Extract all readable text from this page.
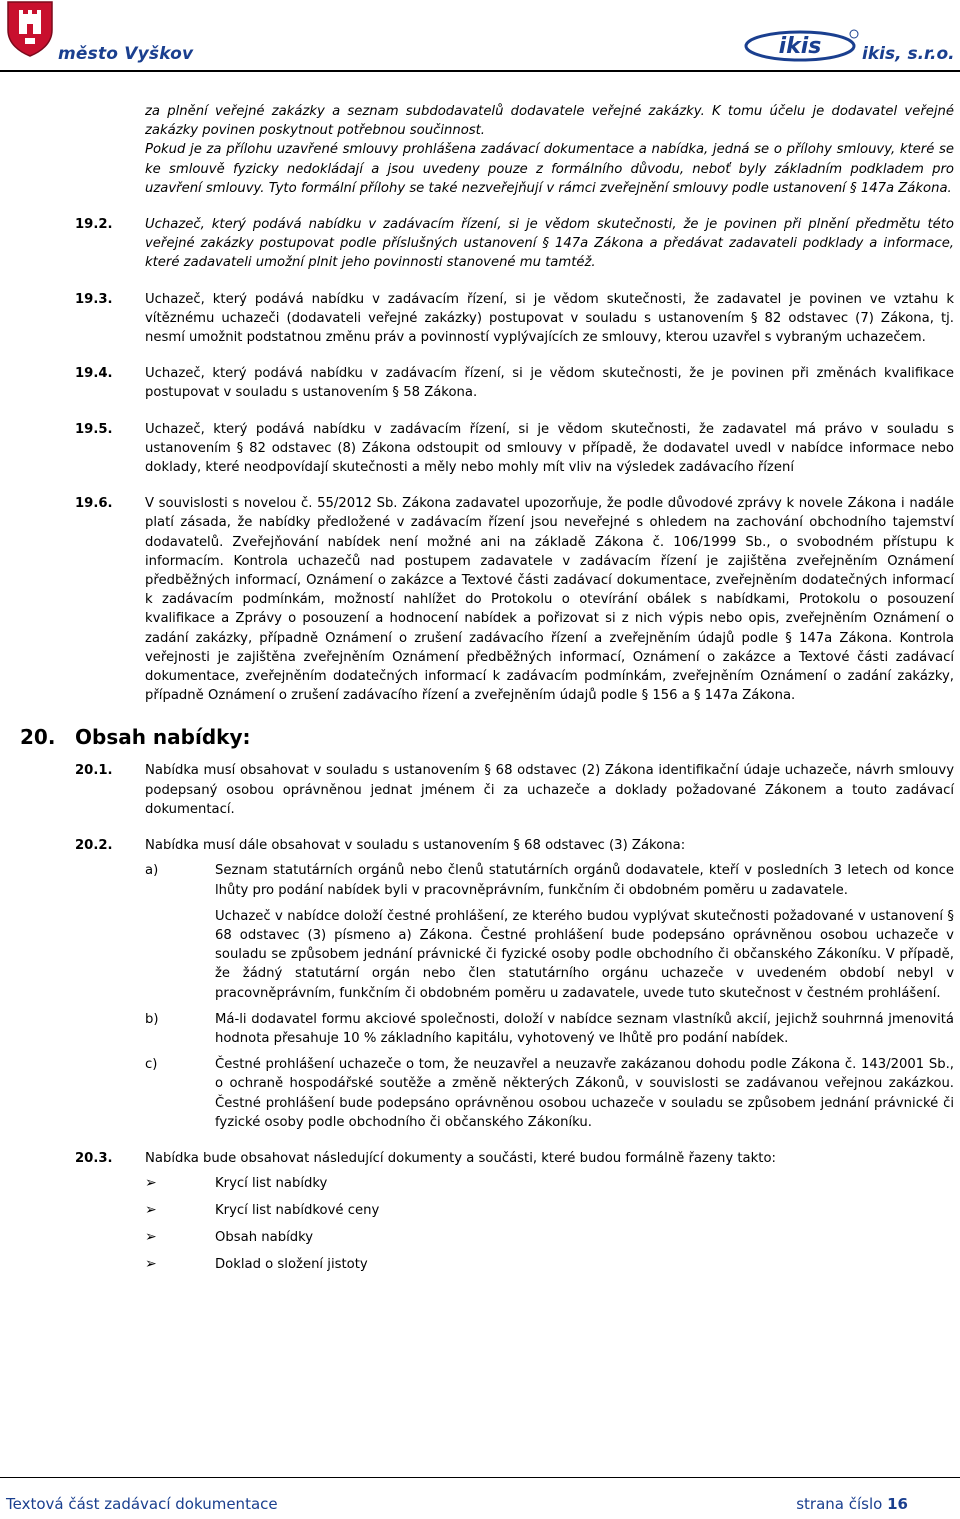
město Vyškov	ikis ikis, s.r.o.

za plnění veřejné zakázky a seznam subdodavatelů dodavatele veřejné zakázky. K tomu účelu je dodavatel veřejné zakázky povinen poskytnout potřebnou součinnost.

Pokud je za přílohu uzavřené smlouvy prohlášena zadávací dokumentace a nabídka, jedná se o přílohy smlouvy, které se ke smlouvě fyzicky nedokládají a jsou uvedeny pouze z formálního důvodu, neboť byly základním podkladem pro uzavření smlouvy. Tyto formální přílohy se také nezveřejňují v rámci zveřejnění smlouvy podle ustanovení § 147a Zákona.

19.2. Uchazeč, který podává nabídku v zadávacím řízení, si je vědom skutečnosti, že je povinen při plnění předmětu této veřejné zakázky postupovat podle příslušných ustanovení § 147a Zákona a předávat zadavateli podklady a informace, které zadavateli umožní plnit jeho povinnosti stanovené mu tamtéž.
19.3. Uchazeč, který podává nabídku v zadávacím řízení, si je vědom skutečnosti, že zadavatel je povinen ve vztahu k vítěznému uchazeči (dodavateli veřejné zakázky) postupovat v souladu s ustanovením § 82 odstavec (7) Zákona, tj. nesmí umožnit podstatnou změnu práv a povinností vyplývajících ze smlouvy, kterou uzavřel s vybraným uchazečem.
19.4. Uchazeč, který podává nabídku v zadávacím řízení, si je vědom skutečnosti, že je povinen při změnách kvalifikace postupovat v souladu s ustanovením § 58 Zákona.
19.5. Uchazeč, který podává nabídku v zadávacím řízení, si je vědom skutečnosti, že zadavatel má právo v souladu s ustanovením § 82 odstavec (8) Zákona odstoupit od smlouvy v případě, že dodavatel uvedl v nabídce informace nebo doklady, které neodpovídají skutečnosti a měly nebo mohly mít vliv na výsledek zadávacího řízení
19.6. V souvislosti s novelou č. 55/2012 Sb. Zákona zadavatel upozorňuje, že podle důvodové zprávy k novele Zákona i nadále platí zásada, že nabídky předložené v zadávacím řízení jsou neveřejné s ohledem na zachování obchodního tajemství dodavatelů. Zveřejňování nabídek není možné ani na základě Zákona č. 106/1999 Sb., o svobodném přístupu k informacím. Kontrola uchazečů nad postupem zadavatele v zadávacím řízení je zajištěna zveřejněním Oznámení předběžných informací, Oznámení o zakázce a Textové části zadávací dokumentace, zveřejněním dodatečných informací k zadávacím podmínkám, možností nahlížet do Protokolu o otevírání obálek s nabídkami, Protokolu o posouzení kvalifikace a Zprávy o posouzení a hodnocení nabídek a pořizovat si z nich výpis nebo opis, zveřejněním Oznámení o zadání zakázky, případně Oznámení o zrušení zadávacího řízení a zveřejněním údajů podle § 147a Zákona. Kontrola veřejnosti je zajištěna zveřejněním Oznámení předběžných informací, Oznámení o zakázce a Textové části zadávací dokumentace, zveřejněním dodatečných informací k zadávacím podmínkám, zveřejněním Oznámení o zadání zakázky, případně Oznámení o zrušení zadávacího řízení a zveřejněním údajů podle § 156 a § 147a Zákona.
20. Obsah nabídky:
20.1. Nabídka musí obsahovat v souladu s ustanovením § 68 odstavec (2) Zákona identifikační údaje uchazeče, návrh smlouvy podepsaný osobou oprávněnou jednat jménem či za uchazeče a doklady požadované Zákonem a touto zadávací dokumentací.
20.2. Nabídka musí dále obsahovat v souladu s ustanovením § 68 odstavec (3) Zákona:
a)	Seznam statutárních orgánů nebo členů statutárních orgánů dodavatele, kteří v posledních 3 letech od konce lhůty pro podání nabídek byli v pracovněprávním, funkčním či obdobném poměru u zadavatele.
Uchazeč v nabídce doloží čestné prohlášení, ze kterého budou vyplývat skutečnosti požadované v ustanovení § 68 odstavec (3) písmeno a) Zákona. Čestné prohlášení bude podepsáno oprávněnou osobou uchazeče v souladu se způsobem jednání právnické či fyzické osoby podle obchodního či občanského Zákoníku. V případě, že žádný statutární orgán nebo člen statutárního orgánu uchazeče v uvedeném období nebyl v pracovněprávním, funkčním či obdobném poměru u zadavatele, uvede tuto skutečnost v čestném prohlášení.
b)	Má-li dodavatel formu akciové společnosti, doloží v nabídce seznam vlastníků akcií, jejichž souhrnná jmenovitá hodnota přesahuje 10 % základního kapitálu, vyhotovený ve lhůtě pro podání nabídek.
c)	Čestné prohlášení uchazeče o tom, že neuzavřel a neuzavře zakázanou dohodu podle Zákona č. 143/2001 Sb., o ochraně hospodářské soutěže a změně některých Zákonů, v souvislosti se zadávanou veřejnou zakázkou. Čestné prohlášení bude podepsáno oprávněnou osobou uchazeče v souladu se způsobem jednání právnické či fyzické osoby podle obchodního či občanského Zákoníku.
20.3. Nabídka bude obsahovat následující dokumenty a součásti, které budou formálně řazeny takto:
➢	Krycí list nabídky
➢	Krycí list nabídkové ceny
➢	Obsah nabídky
➢	Doklad o složení jistoty
Textová část zadávací dokumentace	strana číslo 16
